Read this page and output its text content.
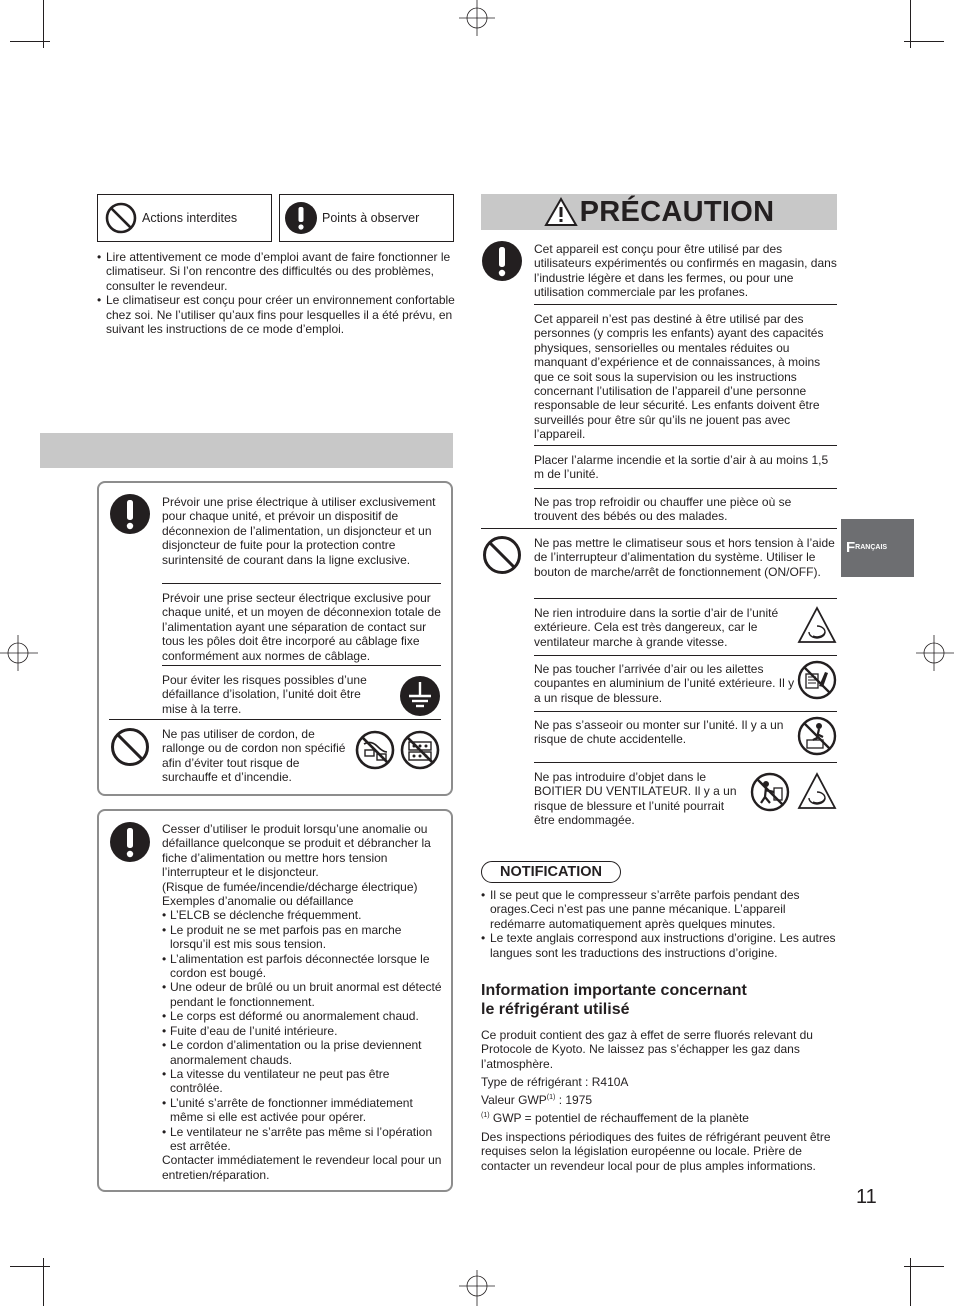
Actions interdites	Points à observer
• Lire attentivement ce mode d’emploi avant de faire fonctionner le climatiseur. Si l’on rencontre des difficultés ou des problèmes, consulter le revendeur.
• Le climatiseur est conçu pour créer un environnement confortable chez soi. Ne l’utiliser qu’aux fins pour lesquelles il a été prévu, en suivant les instructions de ce mode d’emploi.

Prévoir une prise électrique à utiliser exclusivement pour chaque unité, et prévoir un dispositif de déconnexion de l’alimentation, un disjoncteur et un disjoncteur de fuite pour la protection contre surintensité de courant dans la ligne exclusive.

Prévoir une prise secteur électrique exclusive pour chaque unité, et un moyen de déconnexion totale de l’alimentation ayant une séparation de contact sur tous les pôles doit être incorporé au câblage fixe conformément aux normes de câblage.

Pour éviter les risques possibles d’une défaillance d’isolation, l’unité doit être mise à la terre.

Ne pas utiliser de cordon, de rallonge ou de cordon non spécifié afin d’éviter tout risque de surchauffe et d’incendie.

Cesser d’utiliser le produit lorsqu’une anomalie ou défaillance quelconque se produit et débrancher la fiche d’alimentation ou mettre hors tension l’interrupteur et le disjoncteur.

(Risque de fumée/incendie/décharge électrique)

Exemples d’anomalie ou défaillance

• L’ELCB se déclenche fréquemment.
• Le produit ne se met parfois pas en marche lorsqu’il est mis sous tension.
• L’alimentation est parfois déconnectée lorsque le cordon est bougé.
• Une odeur de brûlé ou un bruit anormal est détecté pendant le fonctionnement.
• Le corps est déformé ou anormalement chaud.
• Fuite d’eau de l’unité intérieure.
• Le cordon d’alimentation ou la prise deviennent anormalement chauds.
• La vitesse du ventilateur ne peut pas être contrôlée.
• L’unité s’arrête de fonctionner immédiatement même si elle est activée pour opérer.
• Le ventilateur ne s’arrête pas même si l’opération est arrêtée.

Contacter immédiatement le revendeur local pour un entretien/réparation.

PRÉCAUTION

Cet appareil est conçu pour être utilisé par des utilisateurs expérimentés ou confirmés en magasin, dans l’industrie légère et dans les fermes, ou pour une utilisation commerciale par les profanes.

Cet appareil n’est pas destiné à être utilisé par des personnes (y compris les enfants) ayant des capacités physiques, sensorielles ou mentales réduites ou manquant d’expérience et de connaissances, à moins que ce soit sous la supervision ou les instructions concernant l’utilisation de l’appareil d’une personne responsable de leur sécurité. Les enfants doivent être surveillés pour être sûr qu’ils ne jouent pas avec l’appareil.

Placer l’alarme incendie et la sortie d’air à au moins 1,5 m de l’unité.

Ne pas trop refroidir ou chauffer une pièce où se trouvent des bébés ou des malades.

Ne pas mettre le climatiseur sous et hors tension à l’aide de l’interrupteur d’alimentation du système. Utiliser le bouton de marche/arrêt de fonctionnement (ON/OFF).

Ne rien introduire dans la sortie d’air de l’unité extérieure. Cela est très dangereux, car le ventilateur marche à grande vitesse.

Ne pas toucher l’arrivée d’air ou les ailettes coupantes en aluminium de l’unité extérieure. Il y a un risque de blessure.

Ne pas s’asseoir ou monter sur l’unité. Il y a un risque de chute accidentelle.

Ne pas introduire d’objet dans le BOITIER DU VENTILATEUR. Il y a un risque de blessure et l’unité pourrait être endommagée.

NOTIFICATION
• Il se peut que le compresseur s’arrête parfois pendant des orages.Ceci n’est pas une panne mécanique. L’appareil redémarre automatiquement après quelques minutes.
• Le texte anglais correspond aux instructions d’origine. Les autres langues sont les traductions des instructions d’origine.
Information importante concernant
le réfrigérant utilisé

Ce produit contient des gaz à effet de serre fluorés relevant du Protocole de Kyoto. Ne laissez pas s’échapper les gaz dans l’atmosphère.

Type de réfrigérant : R410A

Valeur GWP$^{(1)}$ : 1975

$^{(1)}$ GWP = potentiel de réchauffement de la planète

Des inspections périodiques des fuites de réfrigérant peuvent être requises selon la législation européenne ou locale. Prière de contacter un revendeur local pour de plus amples informations.

F RANÇAIS
11
